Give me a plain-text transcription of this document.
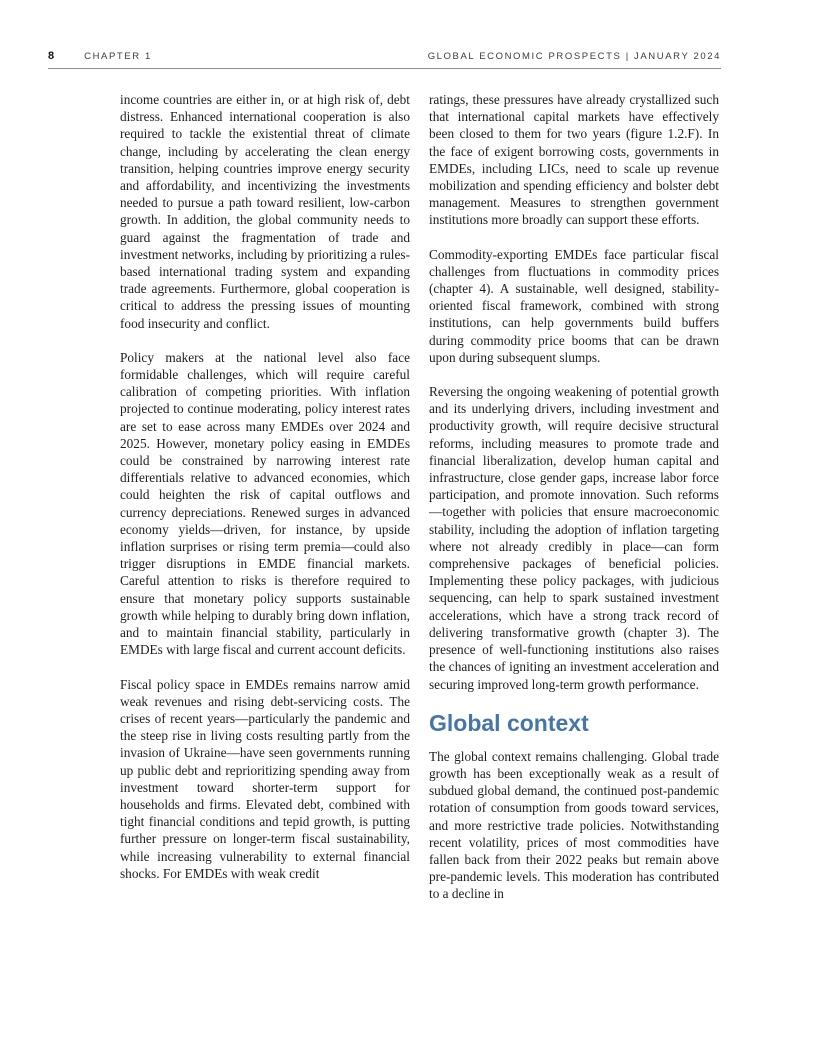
8	CHAPTER 1	GLOBAL ECONOMIC PROSPECTS | JANUARY 2024

income countries are either in, or at high risk of, debt distress. Enhanced international cooperation is also required to tackle the existential threat of climate change, including by accelerating the clean energy transition, helping countries improve energy security and affordability, and incentivizing the investments needed to pursue a path toward resilient, low-carbon growth. In addition, the global community needs to guard against the fragmentation of trade and investment networks, including by prioritizing a rules-based international trading system and expanding trade agreements. Furthermore, global cooperation is critical to address the pressing issues of mounting food insecurity and conflict.

Policy makers at the national level also face formidable challenges, which will require careful calibration of competing priorities. With inflation projected to continue moderating, policy interest rates are set to ease across many EMDEs over 2024 and 2025. However, monetary policy easing in EMDEs could be constrained by narrowing interest rate differentials relative to advanced economies, which could heighten the risk of capital outflows and currency depreciations. Renewed surges in advanced economy yields—driven, for instance, by upside inflation surprises or rising term premia—could also trigger disruptions in EMDE financial markets. Careful attention to risks is therefore required to ensure that monetary policy supports sustainable growth while helping to durably bring down inflation, and to maintain financial stability, particularly in EMDEs with large fiscal and current account deficits.

Fiscal policy space in EMDEs remains narrow amid weak revenues and rising debt-servicing costs. The crises of recent years—particularly the pandemic and the steep rise in living costs resulting partly from the invasion of Ukraine—have seen governments running up public debt and reprioritizing spending away from investment toward shorter-term support for households and firms. Elevated debt, combined with tight financial conditions and tepid growth, is putting further pressure on longer-term fiscal sustainability, while increasing vulnerability to external financial shocks. For EMDEs with weak credit

ratings, these pressures have already crystallized such that international capital markets have effectively been closed to them for two years (figure 1.2.F). In the face of exigent borrowing costs, governments in EMDEs, including LICs, need to scale up revenue mobilization and spending efficiency and bolster debt management. Measures to strengthen government institutions more broadly can support these efforts.

Commodity-exporting EMDEs face particular fiscal challenges from fluctuations in commodity prices (chapter 4). A sustainable, well designed, stability-oriented fiscal framework, combined with strong institutions, can help governments build buffers during commodity price booms that can be drawn upon during subsequent slumps.

Reversing the ongoing weakening of potential growth and its underlying drivers, including investment and productivity growth, will require decisive structural reforms, including measures to promote trade and financial liberalization, develop human capital and infrastructure, close gender gaps, increase labor force participation, and promote innovation. Such reforms—together with policies that ensure macroeconomic stability, including the adoption of inflation targeting where not already credibly in place—can form comprehensive packages of beneficial policies. Implementing these policy packages, with judicious sequencing, can help to spark sustained investment accelerations, which have a strong track record of delivering transformative growth (chapter 3). The presence of well-functioning institutions also raises the chances of igniting an investment acceleration and securing improved long-term growth performance.

Global context

The global context remains challenging. Global trade growth has been exceptionally weak as a result of subdued global demand, the continued post-pandemic rotation of consumption from goods toward services, and more restrictive trade policies. Notwithstanding recent volatility, prices of most commodities have fallen back from their 2022 peaks but remain above pre-pandemic levels. This moderation has contributed to a decline in
